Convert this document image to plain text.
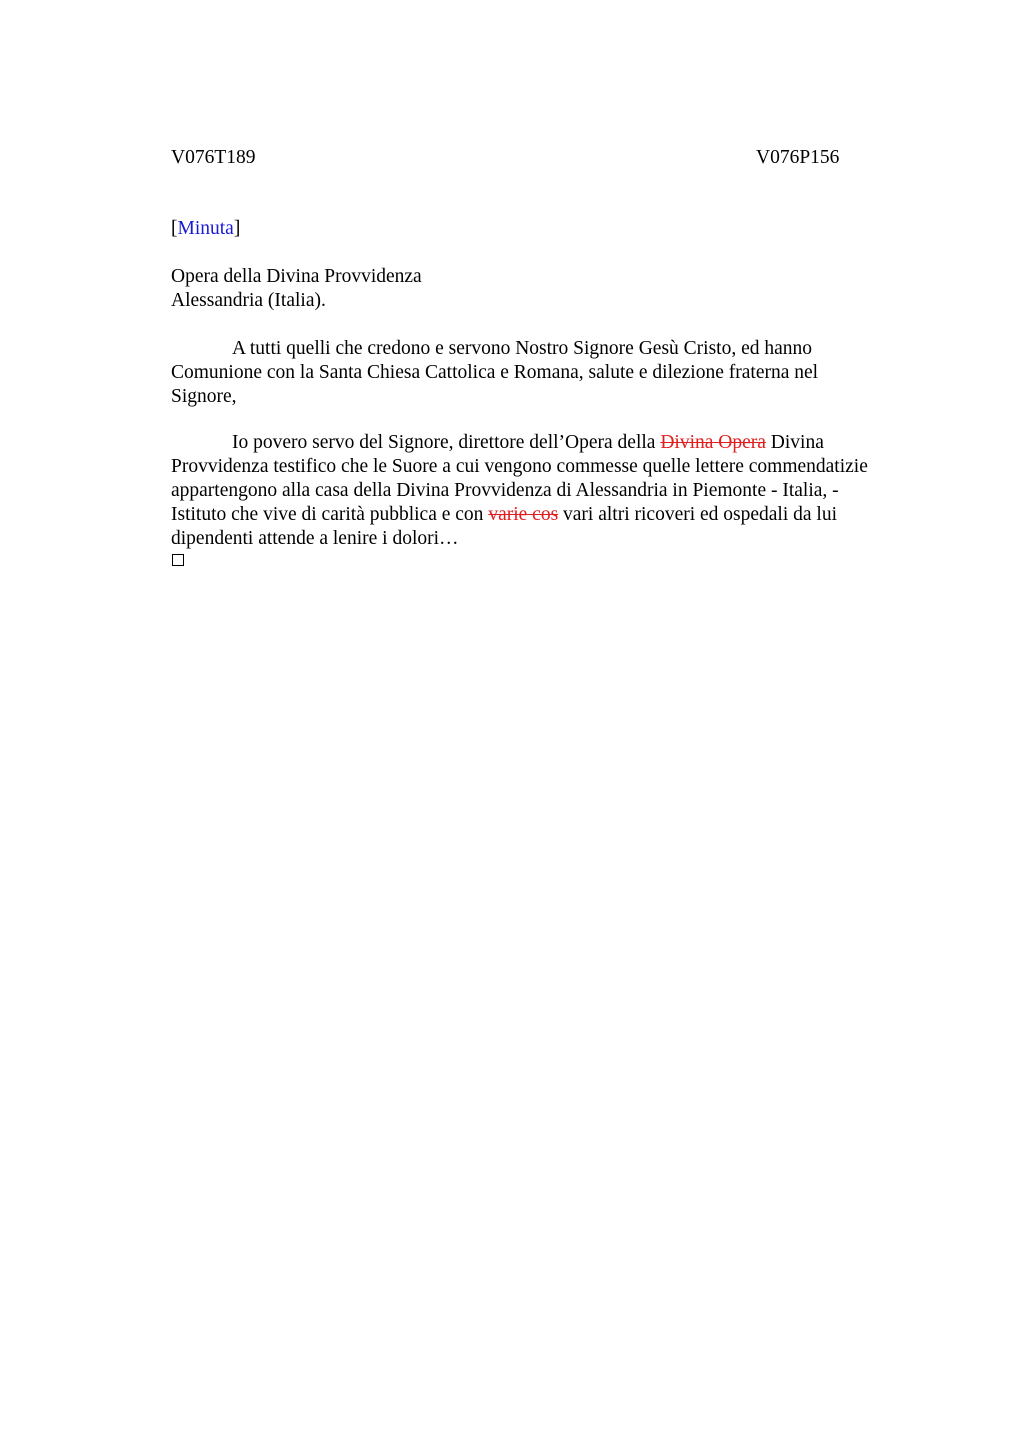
V076T189	V076P156
[Minuta]
Opera della Divina Provvidenza
Alessandria (Italia).
A tutti quelli che credono e servono Nostro Signore Gesù Cristo, ed hanno
Comunione con la Santa Chiesa Cattolica e Romana, salute e dilezione fraterna nel
Signore,
Io povero servo del Signore, direttore dell’Opera della Divina Opera Divina
Provvidenza testifico che le Suore a cui vengono commesse quelle lettere commendatizie
appartengono alla casa della Divina Provvidenza di Alessandria in Piemonte - Italia, -
Istituto che vive di carità pubblica e con varie cos vari altri ricoveri ed ospedali da lui
dipendenti attende a lenire i dolori…
